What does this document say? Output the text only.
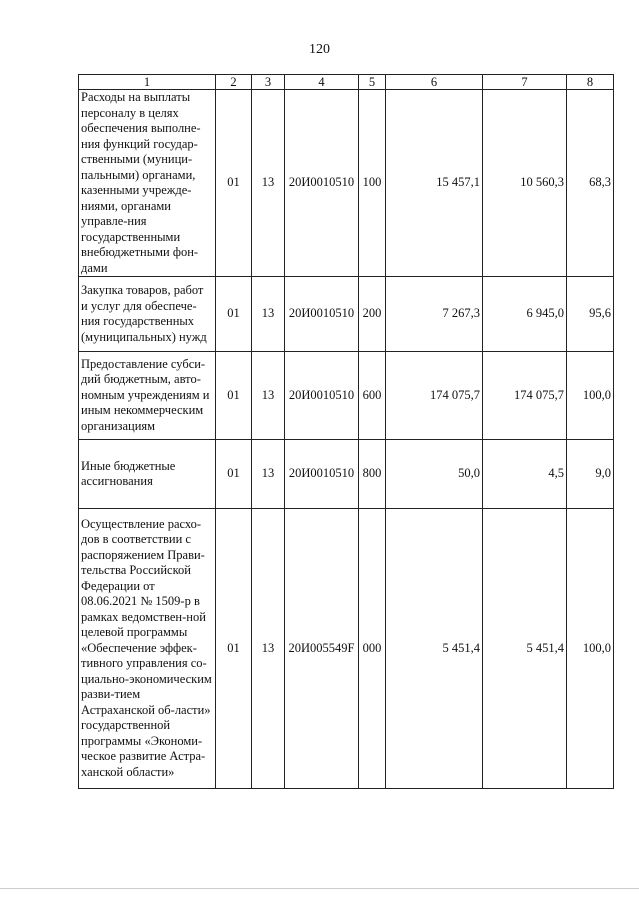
120
1	2	3	4	5	6	7	8
Расходы на выплаты персоналу в целях обеспечения выполне-ния функций государ-ственными (муници-пальными) органами, казенными учрежде-ниями, органами управле-ния государственными внебюджетными фон-дами	01	13	20И0010510	100	15 457,1	10 560,3	68,3
Закупка товаров, работ и услуг для обеспече-ния государственных (муниципальных) нужд	01	13	20И0010510	200	7 267,3	6 945,0	95,6
Предоставление субси-дий бюджетным, авто-номным учреждениям и иным некоммерческим организациям	01	13	20И0010510	600	174 075,7	174 075,7	100,0
Иные бюджетные ассигнования	01	13	20И0010510	800	50,0	4,5	9,0
Осуществление расхо-дов в соответствии с распоряжением Прави-тельства Российской Федерации от 08.06.2021 № 1509-р в рамках ведомствен-ной целевой программы «Обеспечение эффек-тивного управления со-циально-экономическим разви-тием Астраханской об-ласти» государственной программы «Экономи-ческое развитие Астра-ханской области»	01	13	20И005549F	000	5 451,4	5 451,4	100,0
